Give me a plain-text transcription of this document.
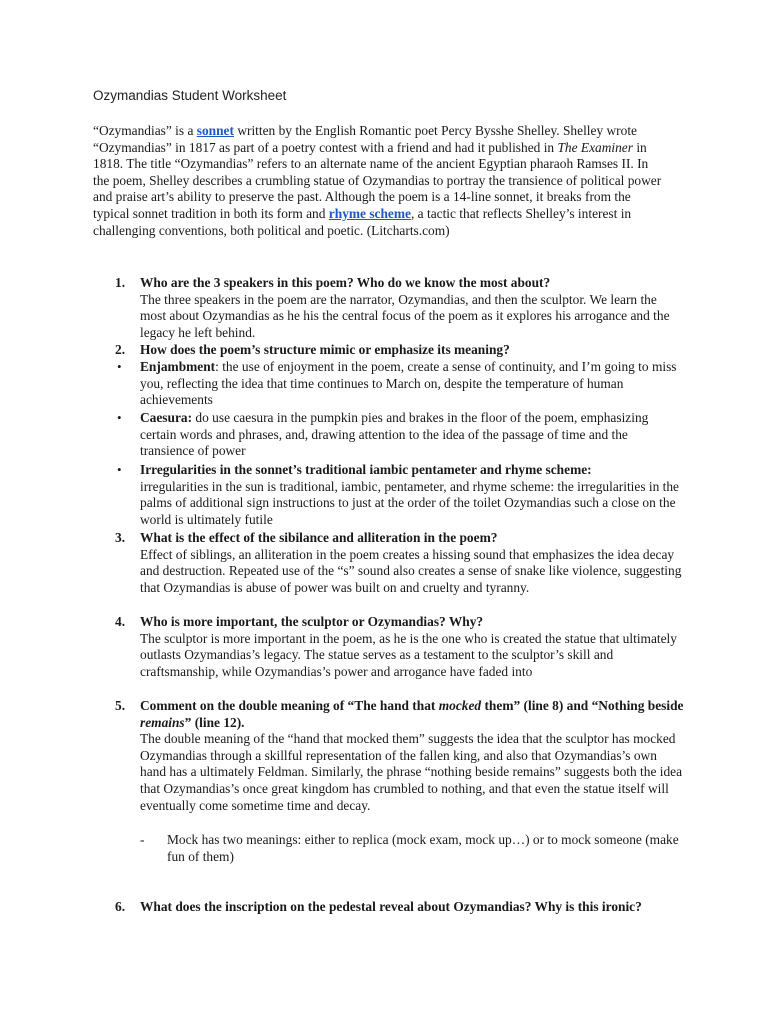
Ozymandias Student Worksheet
“Ozymandias” is a sonnet written by the English Romantic poet Percy Bysshe Shelley. Shelley wrote “Ozymandias” in 1817 as part of a poetry contest with a friend and had it published in The Examiner in 1818. The title “Ozymandias” refers to an alternate name of the ancient Egyptian pharaoh Ramses II. In the poem, Shelley describes a crumbling statue of Ozymandias to portray the transience of political power and praise art’s ability to preserve the past. Although the poem is a 14-line sonnet, it breaks from the typical sonnet tradition in both its form and rhyme scheme, a tactic that reflects Shelley’s interest in challenging conventions, both political and poetic. (Litcharts.com)
1.	Who are the 3 speakers in this poem? Who do we know the most about?
The three speakers in the poem are the narrator, Ozymandias, and then the sculptor. We learn the most about Ozymandias as he his the central focus of the poem as it explores his arrogance and the legacy he left behind.
2.	How does the poem’s structure mimic or emphasize its meaning?
• Enjambment: the use of enjoyment in the poem, create a sense of continuity, and I’m going to miss you, reflecting the idea that time continues to March on, despite the temperature of human achievements
• Caesura: do use caesura in the pumpkin pies and brakes in the floor of the poem, emphasizing certain words and phrases, and, drawing attention to the idea of the passage of time and the transience of power
• Irregularities in the sonnet’s traditional iambic pentameter and rhyme scheme:
irregularities in the sun is traditional, iambic, pentameter, and rhyme scheme: the irregularities in the palms of additional sign instructions to just at the order of the toilet Ozymandias such a close on the world is ultimately futile
3.	What is the effect of the sibilance and alliteration in the poem?
Effect of siblings, an alliteration in the poem creates a hissing sound that emphasizes the idea decay and destruction. Repeated use of the “s” sound also creates a sense of snake like violence, suggesting that Ozymandias is abuse of power was built on and cruelty and tyranny.
4.	Who is more important, the sculptor or Ozymandias? Why?
The sculptor is more important in the poem, as he is the one who is created the statue that ultimately outlasts Ozymandias’s legacy. The statue serves as a testament to the sculptor’s skill and craftsmanship, while Ozymandias’s power and arrogance have faded into
5.	Comment on the double meaning of “The hand that mocked them” (line 8) and “Nothing beside remains” (line 12).
The double meaning of the “hand that mocked them” suggests the idea that the sculptor has mocked Ozymandias through a skillful representation of the fallen king, and also that Ozymandias’s own hand has a ultimately Feldman. Similarly, the phrase “nothing beside remains” suggests both the idea that Ozymandias’s once great kingdom has crumbled to nothing, and that even the statue itself will eventually come sometime time and decay.
- Mock has two meanings: either to replica (mock exam, mock up…) or to mock someone (make fun of them)
6.	What does the inscription on the pedestal reveal about Ozymandias? Why is this ironic?
